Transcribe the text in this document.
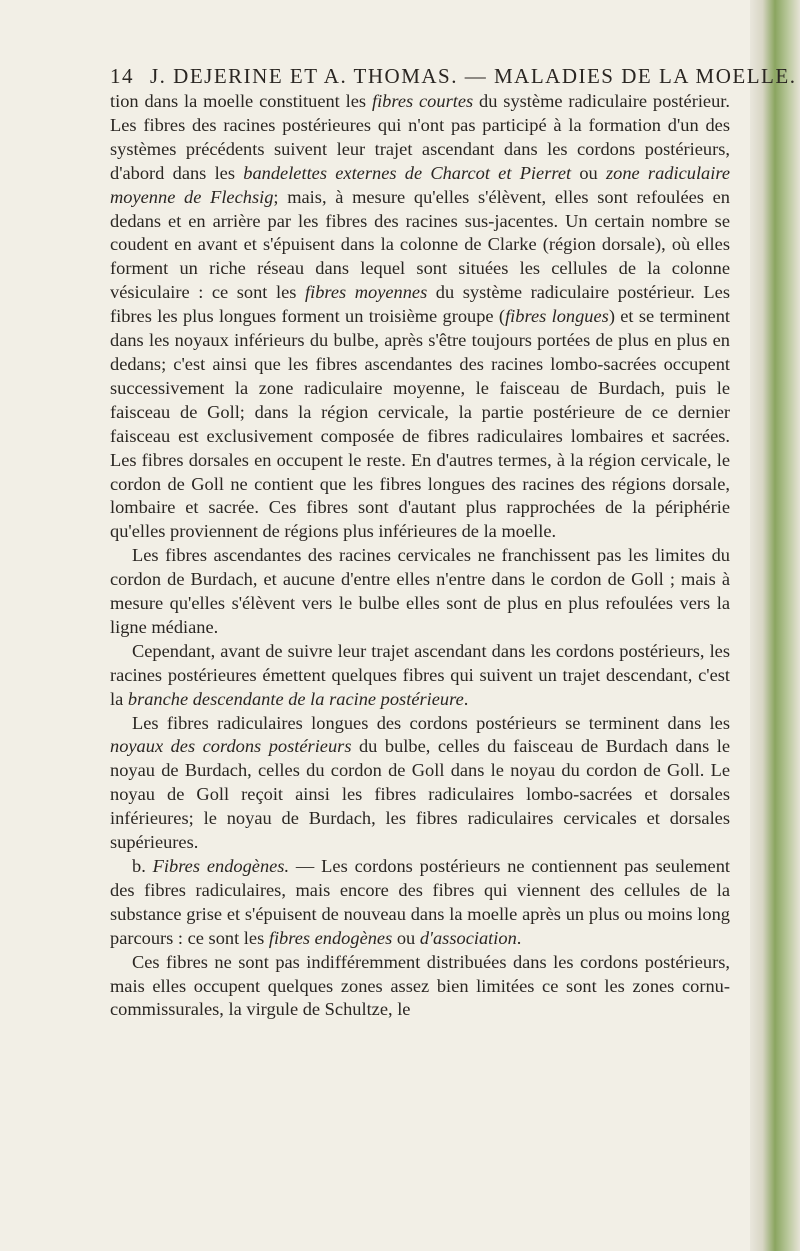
14 J. DEJERINE ET A. THOMAS. — MALADIES DE LA MOELLE.

tion dans la moelle constituent les fibres courtes du système radiculaire postérieur. Les fibres des racines postérieures qui n'ont pas participé à la formation d'un des systèmes précédents suivent leur trajet ascendant dans les cordons postérieurs, d'abord dans les bandelettes externes de Charcot et Pierret ou zone radiculaire moyenne de Flechsig; mais, à mesure qu'elles s'élèvent, elles sont refoulées en dedans et en arrière par les fibres des racines sus-jacentes. Un certain nombre se coudent en avant et s'épuisent dans la colonne de Clarke (région dorsale), où elles forment un riche réseau dans lequel sont situées les cellules de la colonne vésiculaire : ce sont les fibres moyennes du système radiculaire postérieur. Les fibres les plus longues forment un troisième groupe (fibres longues) et se terminent dans les noyaux inférieurs du bulbe, après s'être toujours portées de plus en plus en dedans; c'est ainsi que les fibres ascendantes des racines lombo-sacrées occupent successivement la zone radiculaire moyenne, le faisceau de Burdach, puis le faisceau de Goll; dans la région cervicale, la partie postérieure de ce dernier faisceau est exclusivement composée de fibres radiculaires lombaires et sacrées. Les fibres dorsales en occupent le reste. En d'autres termes, à la région cervicale, le cordon de Goll ne contient que les fibres longues des racines des régions dorsale, lombaire et sacrée. Ces fibres sont d'autant plus rapprochées de la périphérie qu'elles proviennent de régions plus inférieures de la moelle.

Les fibres ascendantes des racines cervicales ne franchissent pas les limites du cordon de Burdach, et aucune d'entre elles n'entre dans le cordon de Goll ; mais à mesure qu'elles s'élèvent vers le bulbe elles sont de plus en plus refoulées vers la ligne médiane.

Cependant, avant de suivre leur trajet ascendant dans les cordons postérieurs, les racines postérieures émettent quelques fibres qui suivent un trajet descendant, c'est la branche descendante de la racine postérieure.

Les fibres radiculaires longues des cordons postérieurs se terminent dans les noyaux des cordons postérieurs du bulbe, celles du faisceau de Burdach dans le noyau de Burdach, celles du cordon de Goll dans le noyau du cordon de Goll. Le noyau de Goll reçoit ainsi les fibres radiculaires lombo-sacrées et dorsales inférieures; le noyau de Burdach, les fibres radiculaires cervicales et dorsales supérieures.

b. Fibres endogènes. — Les cordons postérieurs ne contiennent pas seulement des fibres radiculaires, mais encore des fibres qui viennent des cellules de la substance grise et s'épuisent de nouveau dans la moelle après un plus ou moins long parcours : ce sont les fibres endogènes ou d'association.

Ces fibres ne sont pas indifféremment distribuées dans les cordons postérieurs, mais elles occupent quelques zones assez bien limitées ce sont les zones cornu-commissurales, la virgule de Schultze, le
